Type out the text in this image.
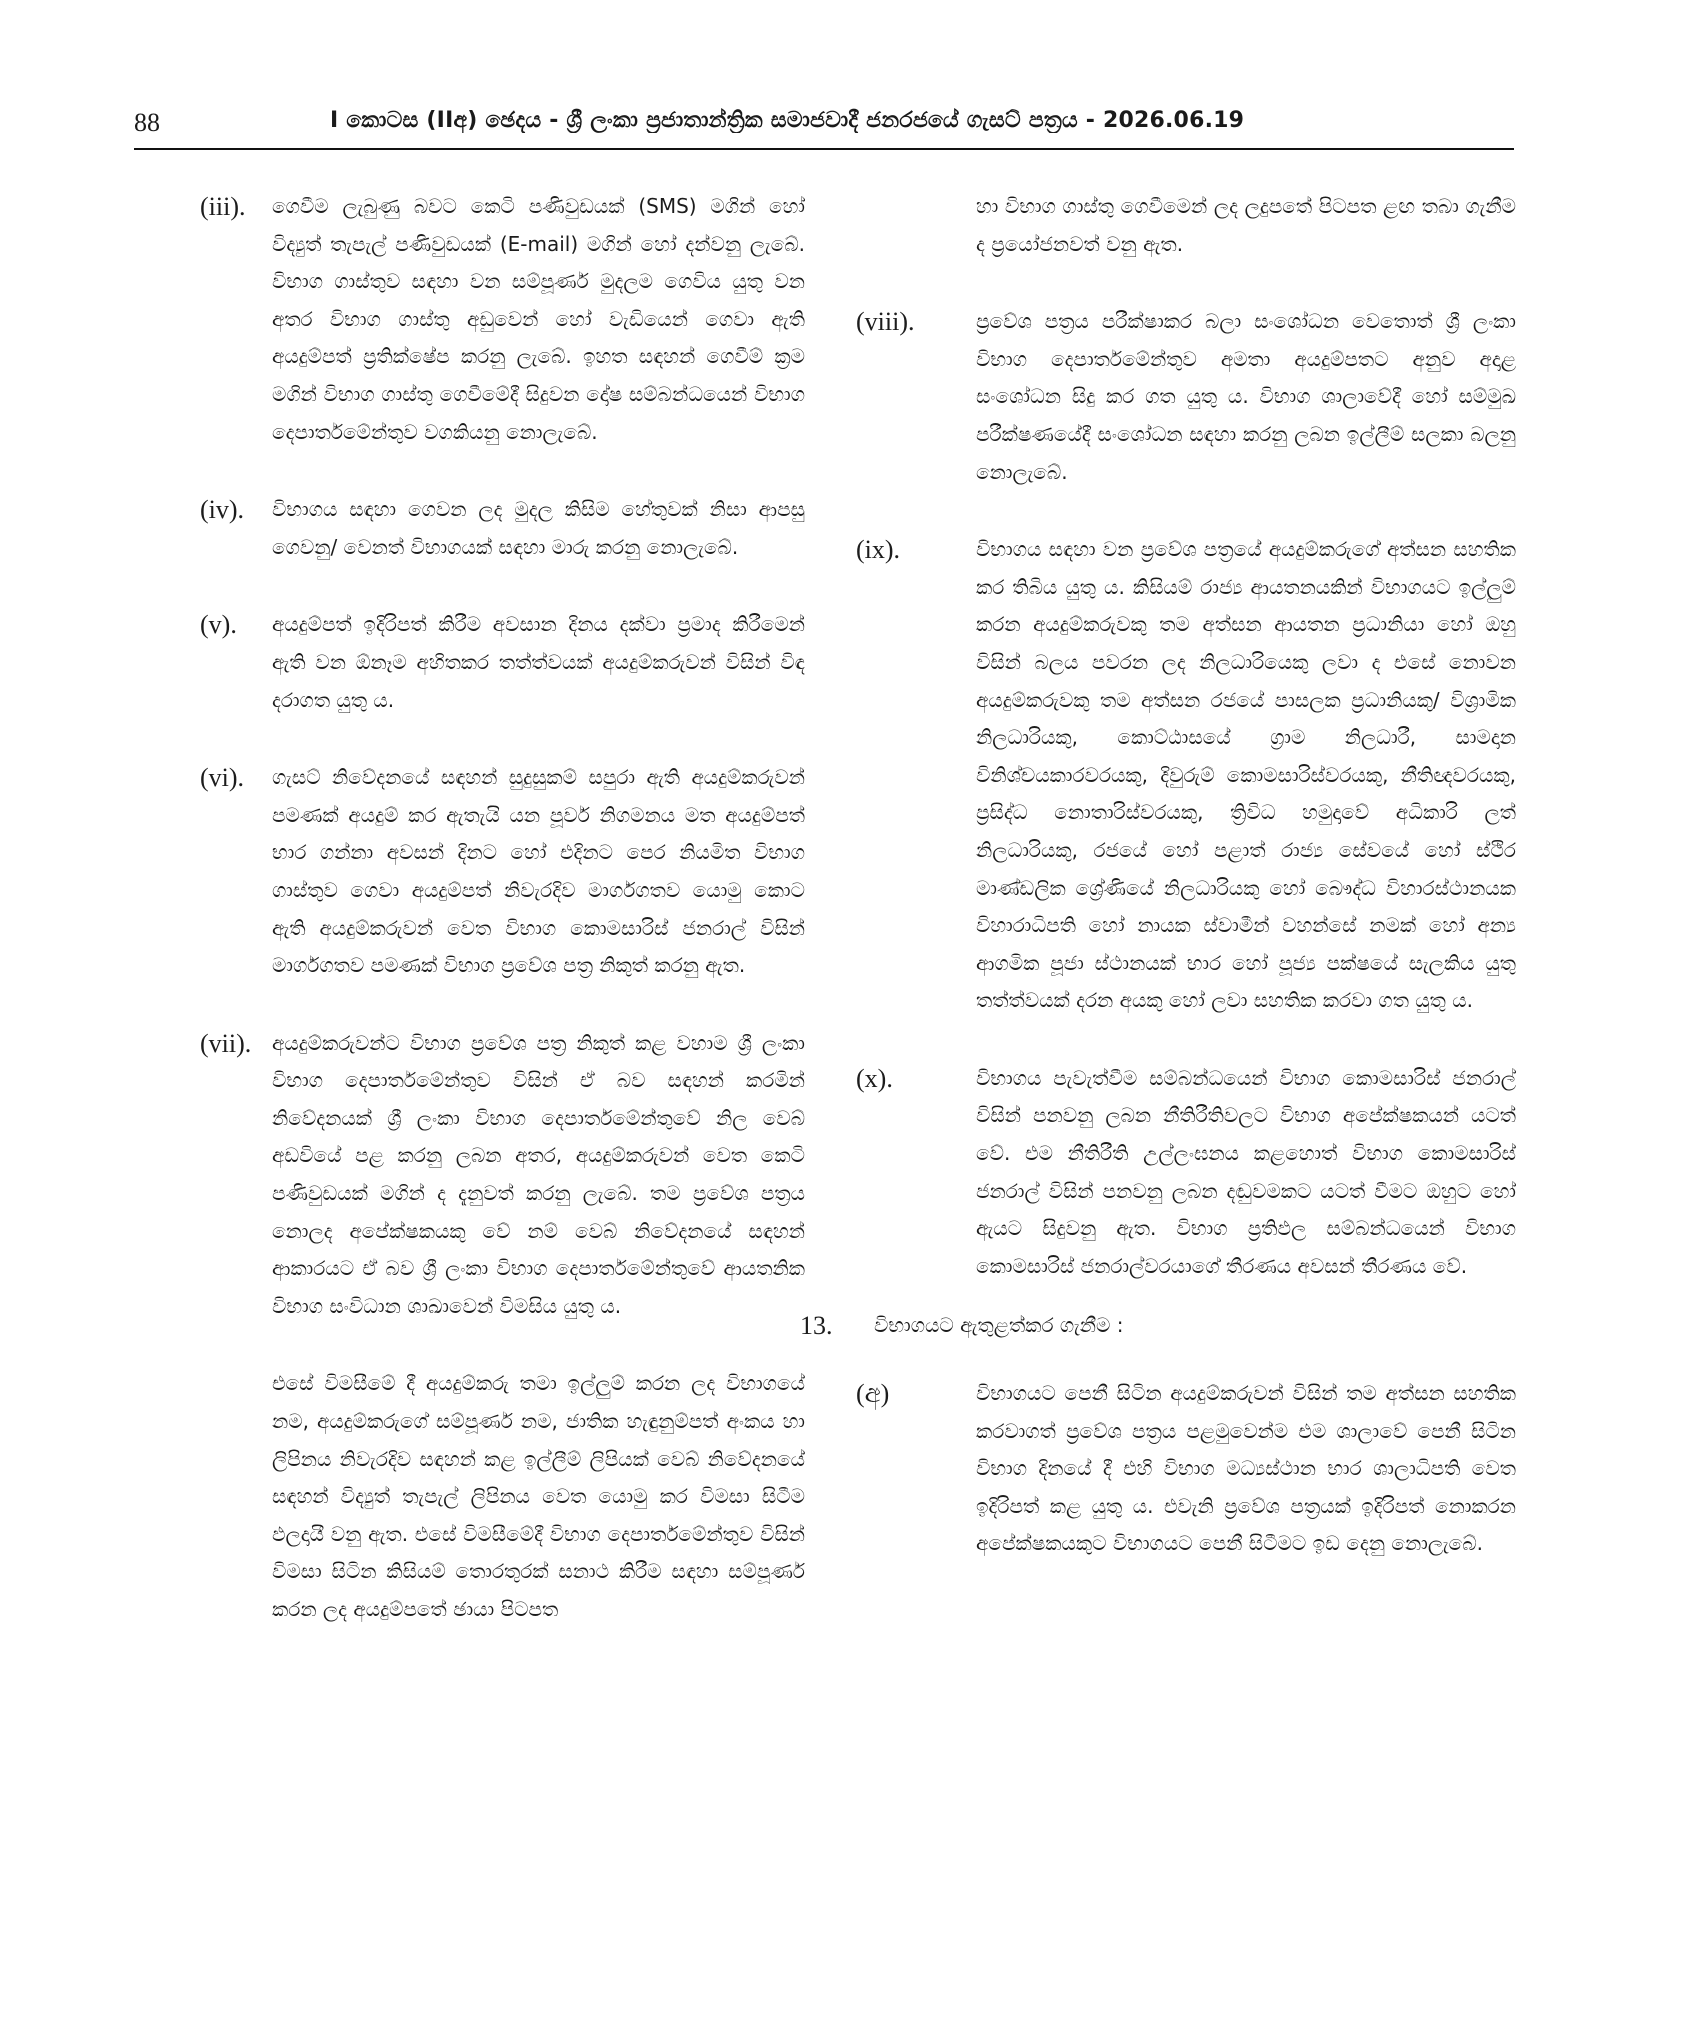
88	I කොටස (IIඅ) ඡෙදය - ශ්‍රී ලංකා ප්‍රජාතාන්ත්‍රික සමාජවාදී ජනරජයේ ගැසට් පත්‍රය - 2026.06.19
(iii). ගෙවීම ලැබුණු බවට කෙටි පණිවුඩයක් (SMS) මගින් හෝ විද්‍යුත් තැපැල් පණිවුඩයක් (E-mail) මගින් හෝ දන්වනු ලැබේ. විභාග ගාස්තුව සඳහා වන සම්පූර්ණ මුදලම ගෙවිය යුතු වන අතර විභාග ගාස්තු අඩුවෙන් හෝ වැඩියෙන් ගෙවා ඇති අයදුම්පත් ප්‍රතික්ෂේප කරනු ලැබේ. ඉහත සඳහන් ගෙවීම් ක්‍රම මගින් විභාග ගාස්තු ගෙවීමේදී සිදුවන දෝෂ සම්බන්ධයෙන් විභාග දෙපාර්තමේන්තුව වගකියනු නොලැබේ.
(iv). විභාගය සඳහා ගෙවන ලද මුදල කිසිම හේතුවක් නිසා ආපසු ගෙවනු/ වෙනත් විභාගයක් සඳහා මාරු කරනු නොලැබේ.
(v). අයදුම්පත් ඉදිරිපත් කිරීම අවසාන දිනය දක්වා ප්‍රමාද කිරීමෙන් ඇති වන ඕනෑම අහිතකර තත්ත්වයක් අයදුම්කරුවන් විසින් විඳ දරාගත යුතු ය.
(vi). ගැසට් නිවේදනයේ සඳහන් සුදුසුකම් සපුරා ඇති අයදුම්කරුවන් පමණක් අයදුම් කර ඇතැයි යන පූර්ව නිගමනය මත අයදුම්පත් භාර ගන්නා අවසන් දිනට හෝ එදිනට පෙර නියමිත විභාග ගාස්තුව ගෙවා අයදුම්පත් නිවැරදිව මාර්ගගතව යොමු කොට ඇති අයදුම්කරුවන් වෙත විභාග කොමසාරිස් ජනරාල් විසින් මාර්ගගතව පමණක් විභාග ප්‍රවේශ පත්‍ර නිකුත් කරනු ඇත.
(vii). අයදුම්කරුවන්ට විභාග ප්‍රවේශ පත්‍ර නිකුත් කළ වහාම ශ්‍රී ලංකා විභාග දෙපාර්තමේන්තුව විසින් ඒ බව සඳහන් කරමින් නිවේදනයක් ශ්‍රී ලංකා විභාග දෙපාර්තමේන්තුවේ නිල වෙබ් අඩවියේ පළ කරනු ලබන අතර, අයදුම්කරුවන් වෙත කෙටි පණිවුඩයක් මගින් ද දැනුවත් කරනු ලැබේ. තම ප්‍රවේශ පත්‍රය නොලද අපේක්ෂකයකු වේ නම් වෙබ් නිවේදනයේ සඳහන් ආකාරයට ඒ බව ශ්‍රී ලංකා විභාග දෙපාර්තමේන්තුවේ ආයතනික විභාග සංවිධාන ශාඛාවෙන් විමසිය යුතු ය.
එසේ විමසීමේ දී අයදුම්කරු තමා ඉල්ලුම් කරන ලද විභාගයේ නම, අයදුම්කරුගේ සම්පූර්ණ නම, ජාතික හැඳුනුම්පත් අංකය හා ලිපිනය නිවැරදිව සඳහන් කළ ඉල්ලීම් ලිපියක් වෙබ් නිවේදනයේ සඳහන් විද්‍යුත් තැපැල් ලිපිනය වෙත යොමු කර විමසා සිටීම ඵලදායී වනු ඇත. එසේ විමසීමේදී විභාග දෙපාර්තමේන්තුව විසින් විමසා සිටින කිසියම් තොරතුරක් සනාථ කිරීම සඳහා සම්පූර්ණ කරන ලද අයදුම්පතේ ඡායා පිටපත
හා විභාග ගාස්තු ගෙවීමෙන් ලද ලදුපතේ පිටපත ළඟ තබා ගැනීම ද ප්‍රයෝජනවත් වනු ඇත.
(viii).	ප්‍රවේශ පත්‍රය පරීක්ෂාකර බලා සංශෝධන වෙතොත් ශ්‍රී ලංකා විභාග දෙපාර්තමේන්තුව අමතා අයදුම්පතට අනුව අදාළ සංශෝධන සිදු කර ගත යුතු ය. විභාග ශාලාවේදී හෝ සම්මුඛ පරීක්ෂණයේදී සංශෝධන සඳහා කරනු ලබන ඉල්ලීම් සලකා බලනු නොලැබේ.
(ix).	විභාගය සඳහා වන ප්‍රවේශ පත්‍රයේ අයදුම්කරුගේ අත්සන සහතික කර තිබිය යුතු ය. කිසියම් රාජ්‍ය ආයතනයකින් විභාගයට ඉල්ලුම් කරන අයදුම්කරුවකු තම අත්සන ආයතන ප්‍රධානියා හෝ ඔහු විසින් බලය පවරන ලද නිලධාරියෙකු ලවා ද එසේ නොවන අයදුම්කරුවකු තම අත්සන රජයේ පාසලක ප්‍රධානියකු/ විශ්‍රාමික නිලධාරියකු, කොට්ඨාසයේ ග්‍රාම නිලධාරී, සාමදාන විනිශ්චයකාරවරයකු, දිවුරුම් කොමසාරිස්වරයකු, නීතිඥවරයකු, ප්‍රසිද්ධ නොතාරිස්වරයකු, ත්‍රිවිධ හමුදාවේ අධිකාරි ලත් නිලධාරියකු, රජයේ හෝ පළාත් රාජ්‍ය සේවයේ හෝ ස්ථිර මාණ්ඩලික ශ්‍රේණියේ නිලධාරියකු හෝ බෞද්ධ විහාරස්ථානයක විහාරාධිපති හෝ නායක ස්වාමීන් වහන්සේ නමක් හෝ අන්‍ය ආගමික පූජා ස්ථානයක් භාර හෝ පූජ්‍ය පක්ෂයේ සැලකිය යුතු තත්ත්වයක් දරන අයකු හෝ ලවා සහතික කරවා ගත යුතු ය.
(x).	විභාගය පැවැත්වීම සම්බන්ධයෙන් විභාග කොමසාරිස් ජනරාල් විසින් පනවනු ලබන නීතිරීතිවලට විභාග අපේක්ෂකයන් යටත් වේ. එම නීතිරීති උල්ලංඝනය කළහොත් විභාග කොමසාරිස් ජනරාල් විසින් පනවනු ලබන දඬුවමකට යටත් වීමට ඔහුට හෝ ඇයට සිදුවනු ඇත. විභාග ප්‍රතිඵල සම්බන්ධයෙන් විභාග කොමසාරිස් ජනරාල්වරයාගේ තීරණය අවසන් තීරණය වේ.
13. විභාගයට ඇතුළත්කර ගැනීම :
(අ)	විභාගයට පෙනී සිටින අයදුම්කරුවන් විසින් තම අත්සන සහතික කරවාගත් ප්‍රවේශ පත්‍රය පළමුවෙන්ම එම ශාලාවේ පෙනී සිටින විභාග දිනයේ දී එහි විභාග මධ්‍යස්ථාන භාර ශාලාධිපති වෙත ඉදිරිපත් කළ යුතු ය. එවැනි ප්‍රවේශ පත්‍රයක් ඉදිරිපත් නොකරන අපේක්ෂකයකුට විභාගයට පෙනී සිටීමට ඉඩ දෙනු නොලැබේ.
